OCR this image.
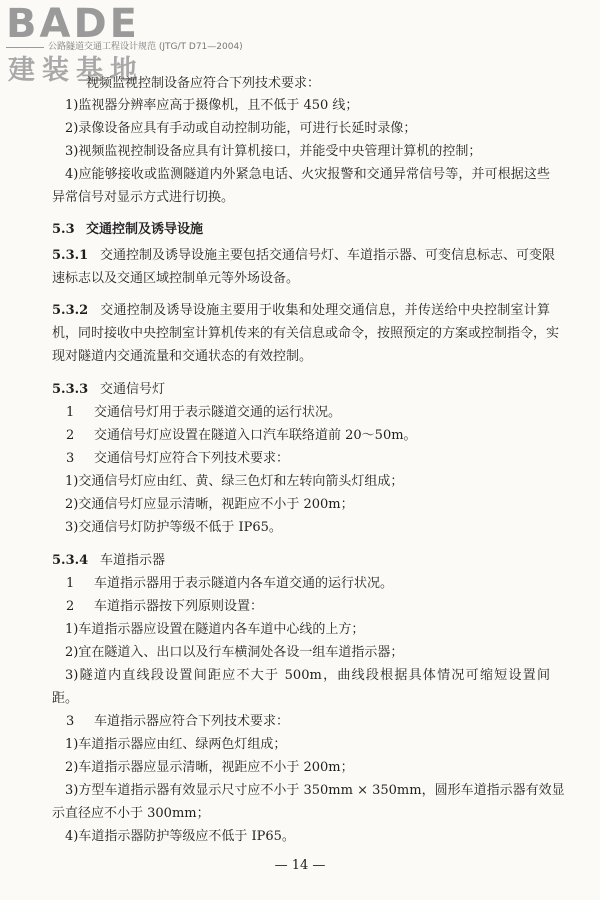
BADE
公路隧道交通工程设计规范 (JTG/T D71—2004)
建装基地
视频监视控制设备应符合下列技术要求：
1)监视器分辨率应高于摄像机，且不低于 450 线；
2)录像设备应具有手动或自动控制功能，可进行长延时录像；
3)视频监视控制设备应具有计算机接口，并能受中央管理计算机的控制；
4)应能够接收或监测隧道内外紧急电话、火灾报警和交通异常信号等，并可根据这些
异常信号对显示方式进行切换。
5.3 交通控制及诱导设施
5.3.1 交通控制及诱导设施主要包括交通信号灯、车道指示器、可变信息标志、可变限
速标志以及交通区域控制单元等外场设备。
5.3.2 交通控制及诱导设施主要用于收集和处理交通信息，并传送给中央控制室计算
机，同时接收中央控制室计算机传来的有关信息或命令，按照预定的方案或控制指令，实
现对隧道内交通流量和交通状态的有效控制。
5.3.3 交通信号灯
1 交通信号灯用于表示隧道交通的运行状况。
2 交通信号灯应设置在隧道入口汽车联络道前 20～50m。
3 交通信号灯应符合下列技术要求：
1)交通信号灯应由红、黄、绿三色灯和左转向箭头灯组成；
2)交通信号灯应显示清晰，视距应不小于 200m；
3)交通信号灯防护等级不低于 IP65。
5.3.4 车道指示器
1 车道指示器用于表示隧道内各车道交通的运行状况。
2 车道指示器按下列原则设置：
1)车道指示器应设置在隧道内各车道中心线的上方；
2)宜在隧道入、出口以及行车横洞处各设一组车道指示器；
3)隧道内直线段设置间距应不大于 500m，曲线段根据具体情况可缩短设置间
距。
3 车道指示器应符合下列技术要求：
— 14 —
1)车道指示器应由红、绿两色灯组成；
2)车道指示器应显示清晰，视距应不小于 200m；
3)方型车道指示器有效显示尺寸应不小于 350mm × 350mm，圆形车道指示器有效显
示直径应不小于 300mm；
4)车道指示器防护等级应不低于 IP65。
